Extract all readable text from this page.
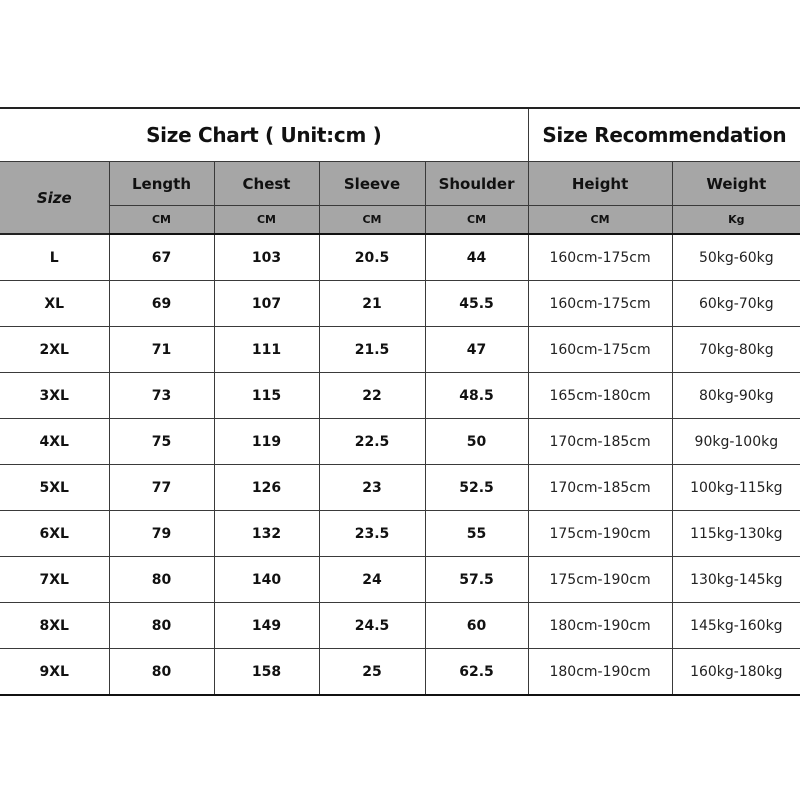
Size Chart ( Unit:cm )					Size Recommendation	
Size	Length	Chest	Sleeve	Shoulder	Height	Weight
	CM	CM	CM	CM	CM	Kg
L	67	103	20.5	44	160cm-175cm	50kg-60kg
XL	69	107	21	45.5	160cm-175cm	60kg-70kg
2XL	71	111	21.5	47	160cm-175cm	70kg-80kg
3XL	73	115	22	48.5	165cm-180cm	80kg-90kg
4XL	75	119	22.5	50	170cm-185cm	90kg-100kg
5XL	77	126	23	52.5	170cm-185cm	100kg-115kg
6XL	79	132	23.5	55	175cm-190cm	115kg-130kg
7XL	80	140	24	57.5	175cm-190cm	130kg-145kg
8XL	80	149	24.5	60	180cm-190cm	145kg-160kg
9XL	80	158	25	62.5	180cm-190cm	160kg-180kg
